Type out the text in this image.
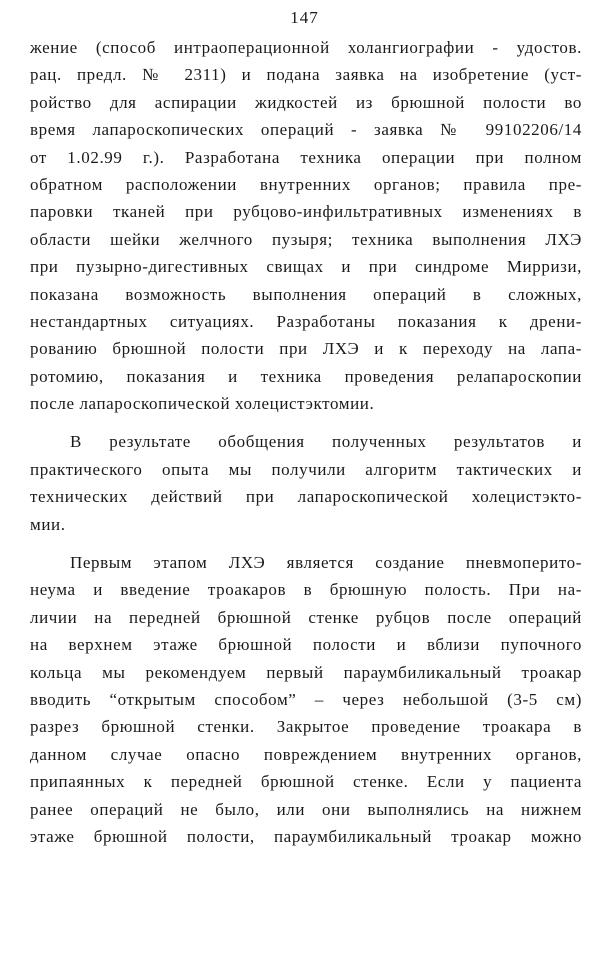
147
жение (способ интраоперационной холангиографии - удостов.
рац. предл. № 2311) и подана заявка на изобретение (уст-
ройство для аспирации жидкостей из брюшной полости во
время лапароскопических операций - заявка № 99102206/14
от 1.02.99 г.). Разработана техника операции при полном
обратном расположении внутренних органов; правила пре-
паровки тканей при рубцово-инфильтративных изменениях в
области шейки желчного пузыря; техника выполнения ЛХЭ
при пузырно-дигестивных свищах и при синдроме Мирризи,
показана возможность выполнения операций в сложных,
нестандартных ситуациях. Разработаны показания к дрени-
рованию брюшной полости при ЛХЭ и к переходу на лапа-
ротомию, показания и техника проведения релапароскопии
после лапароскопической холецистэктомии.
В результате обобщения полученных результатов и
практического опыта мы получили алгоритм тактических и
технических действий при лапароскопической холецистэкто-
мии.
Первым этапом ЛХЭ является создание пневмоперито-
неума и введение троакаров в брюшную полость. При на-
личии на передней брюшной стенке рубцов после операций
на верхнем этаже брюшной полости и вблизи пупочного
кольца мы рекомендуем первый параумбиликальный троакар
вводить “открытым способом” – через небольшой (3-5 см)
разрез брюшной стенки. Закрытое проведение троакара в
данном случае опасно повреждением внутренних органов,
припаянных к передней брюшной стенке. Если у пациента
ранее операций не было, или они выполнялись на нижнем
этаже брюшной полости, параумбиликальный троакар можно
